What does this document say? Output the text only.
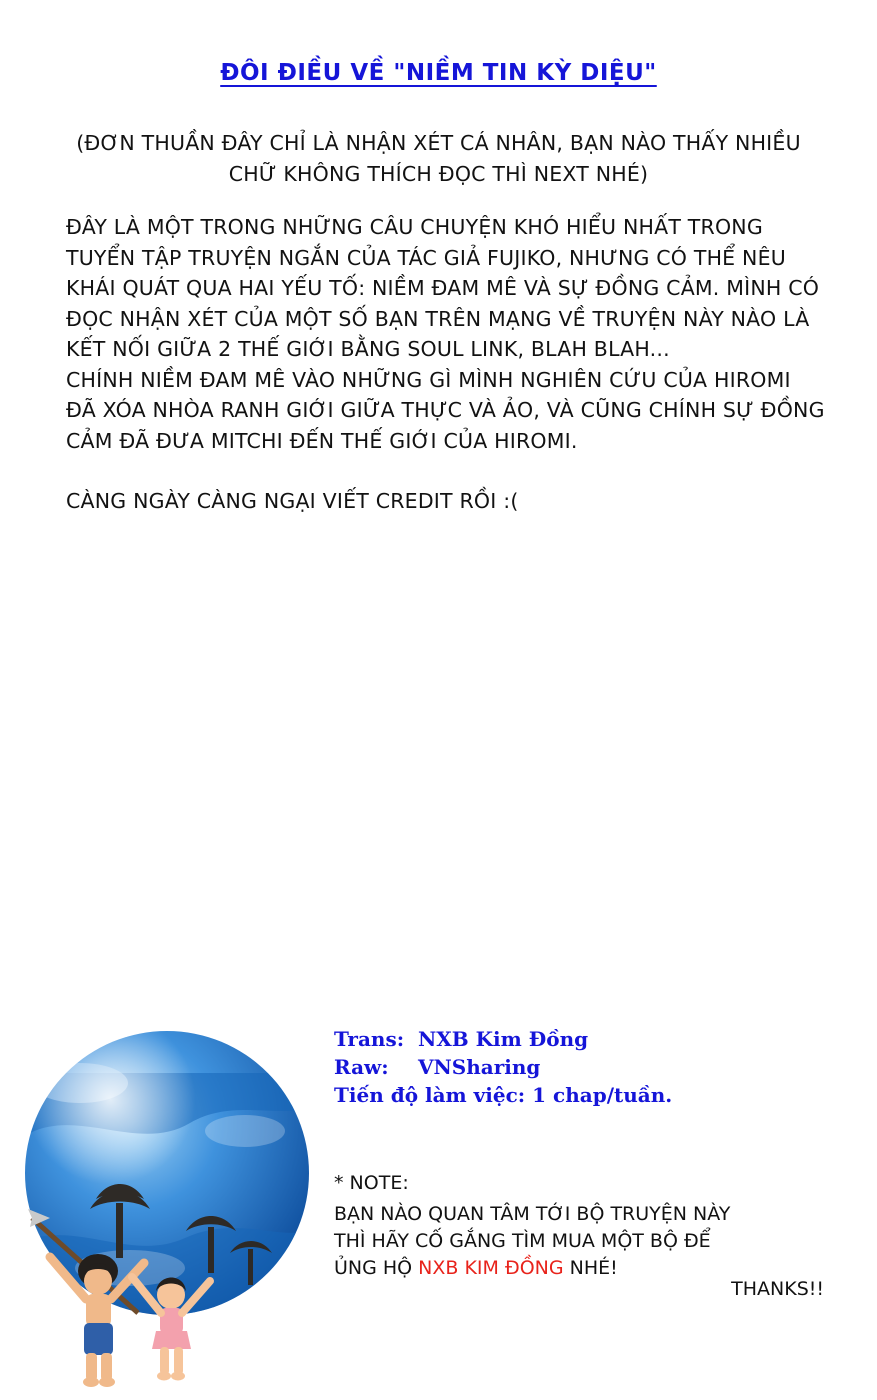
ĐÔI ĐIỀU VỀ "NIỀM TIN KỲ DIỆU"
(ĐƠN THUẦN ĐÂY CHỈ LÀ NHẬN XÉT CÁ NHÂN, BẠN NÀO THẤY NHIỀU CHỮ KHÔNG THÍCH ĐỌC THÌ NEXT NHÉ)

ĐÂY LÀ MỘT TRONG NHỮNG CÂU CHUYỆN KHÓ HIỂU NHẤT TRONG TUYỂN TẬP TRUYỆN NGẮN CỦA TÁC GIẢ FUJIKO, NHƯNG CÓ THỂ NÊU KHÁI QUÁT QUA HAI YẾU TỐ: NIỀM ĐAM MÊ VÀ SỰ ĐỒNG CẢM. MÌNH CÓ ĐỌC NHẬN XÉT CỦA MỘT SỐ BẠN TRÊN MẠNG VỀ TRUYỆN NÀY NÀO LÀ KẾT NỐI GIỮA 2 THẾ GIỚI BẰNG SOUL LINK, BLAH BLAH...

CHÍNH NIỀM ĐAM MÊ VÀO NHỮNG GÌ MÌNH NGHIÊN CỨU CỦA HIROMI ĐÃ XÓA NHÒA RANH GIỚI GIỮA THỰC VÀ ẢO, VÀ CŨNG CHÍNH SỰ ĐỒNG CẢM ĐÃ ĐƯA MITCHI ĐẾN THẾ GIỚI CỦA HIROMI.

CÀNG NGÀY CÀNG NGẠI VIẾT CREDIT RỒI :(

Trans: NXB Kim Đồng
Raw:	VNSharing
Tiến độ làm việc:
1 chap/tuần.
* NOTE:
BẠN NÀO QUAN TÂM TỚI BỘ TRUYỆN NÀY
THÌ HÃY CỐ GẮNG TÌM MUA MỘT BỘ ĐỂ
ỦNG HỘ NXB KIM ĐỒNG NHÉ!
THANKS!!
